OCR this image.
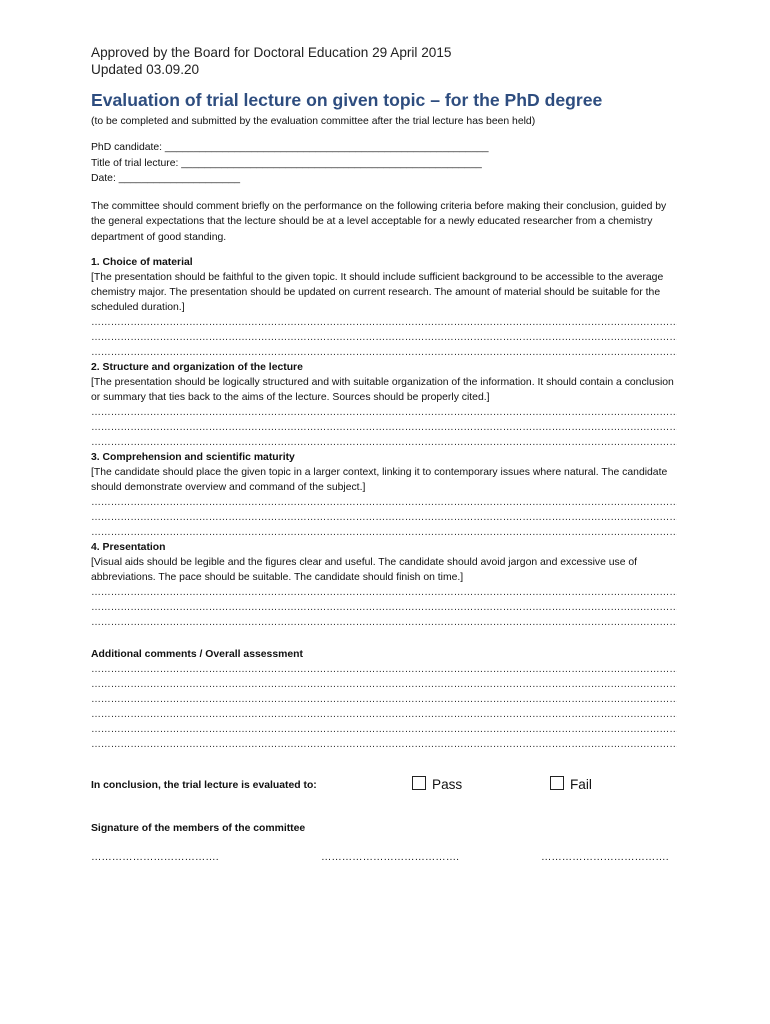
Approved by the Board for Doctoral Education 29 April 2015
Updated 03.09.20
Evaluation of trial lecture on given topic – for the PhD degree
(to be completed and submitted by the evaluation committee after the trial lecture has been held)
PhD candidate: ________________________________________________________
Title of trial lecture: ____________________________________________________
Date: _____________________
The committee should comment briefly on the performance on the following criteria before making their conclusion, guided by the general expectations that the lecture should be at a level acceptable for a newly educated researcher from a chemistry department of good standing.
1. Choice of material
[The presentation should be faithful to the given topic. It should include sufficient background to be accessible to the average chemistry major. The presentation should be updated on current research. The amount of material should be suitable for the scheduled duration.]
…………………………………………………………………………………………………………………………………………………………………………………………………
…………………………………………………………………………………………………………………………………………………………………………………………………
…………………………………………………………………………………………………………………………………………………………………………………………………
2. Structure and organization of the lecture
[The presentation should be logically structured and with suitable organization of the information. It should contain a conclusion or summary that ties back to the aims of the lecture. Sources should be properly cited.]
…………………………………………………………………………………………………………………………………………………………………………………………………
…………………………………………………………………………………………………………………………………………………………………………………………………
…………………………………………………………………………………………………………………………………………………………………………………………………
3. Comprehension and scientific maturity
[The candidate should place the given topic in a larger context, linking it to contemporary issues where natural. The candidate should demonstrate overview and command of the subject.]
…………………………………………………………………………………………………………………………………………………………………………………………………
…………………………………………………………………………………………………………………………………………………………………………………………………
…………………………………………………………………………………………………………………………………………………………………………………………………
4. Presentation
[Visual aids should be legible and the figures clear and useful. The candidate should avoid jargon and excessive use of abbreviations. The pace should be suitable. The candidate should finish on time.]
…………………………………………………………………………………………………………………………………………………………………………………………………
…………………………………………………………………………………………………………………………………………………………………………………………………
…………………………………………………………………………………………………………………………………………………………………………………………………
Additional comments / Overall assessment
…………………………………………………………………………………………………………………………………………………………………………………………………
…………………………………………………………………………………………………………………………………………………………………………………………………
…………………………………………………………………………………………………………………………………………………………………………………………………
…………………………………………………………………………………………………………………………………………………………………………………………………
…………………………………………………………………………………………………………………………………………………………………………………………………
…………………………………………………………………………………………………………………………………………………………………………………………………
In conclusion, the trial lecture is evaluated to:	Pass	Fail
Signature of the members of the committee
……………………………….	………………………………….	……………………………….
